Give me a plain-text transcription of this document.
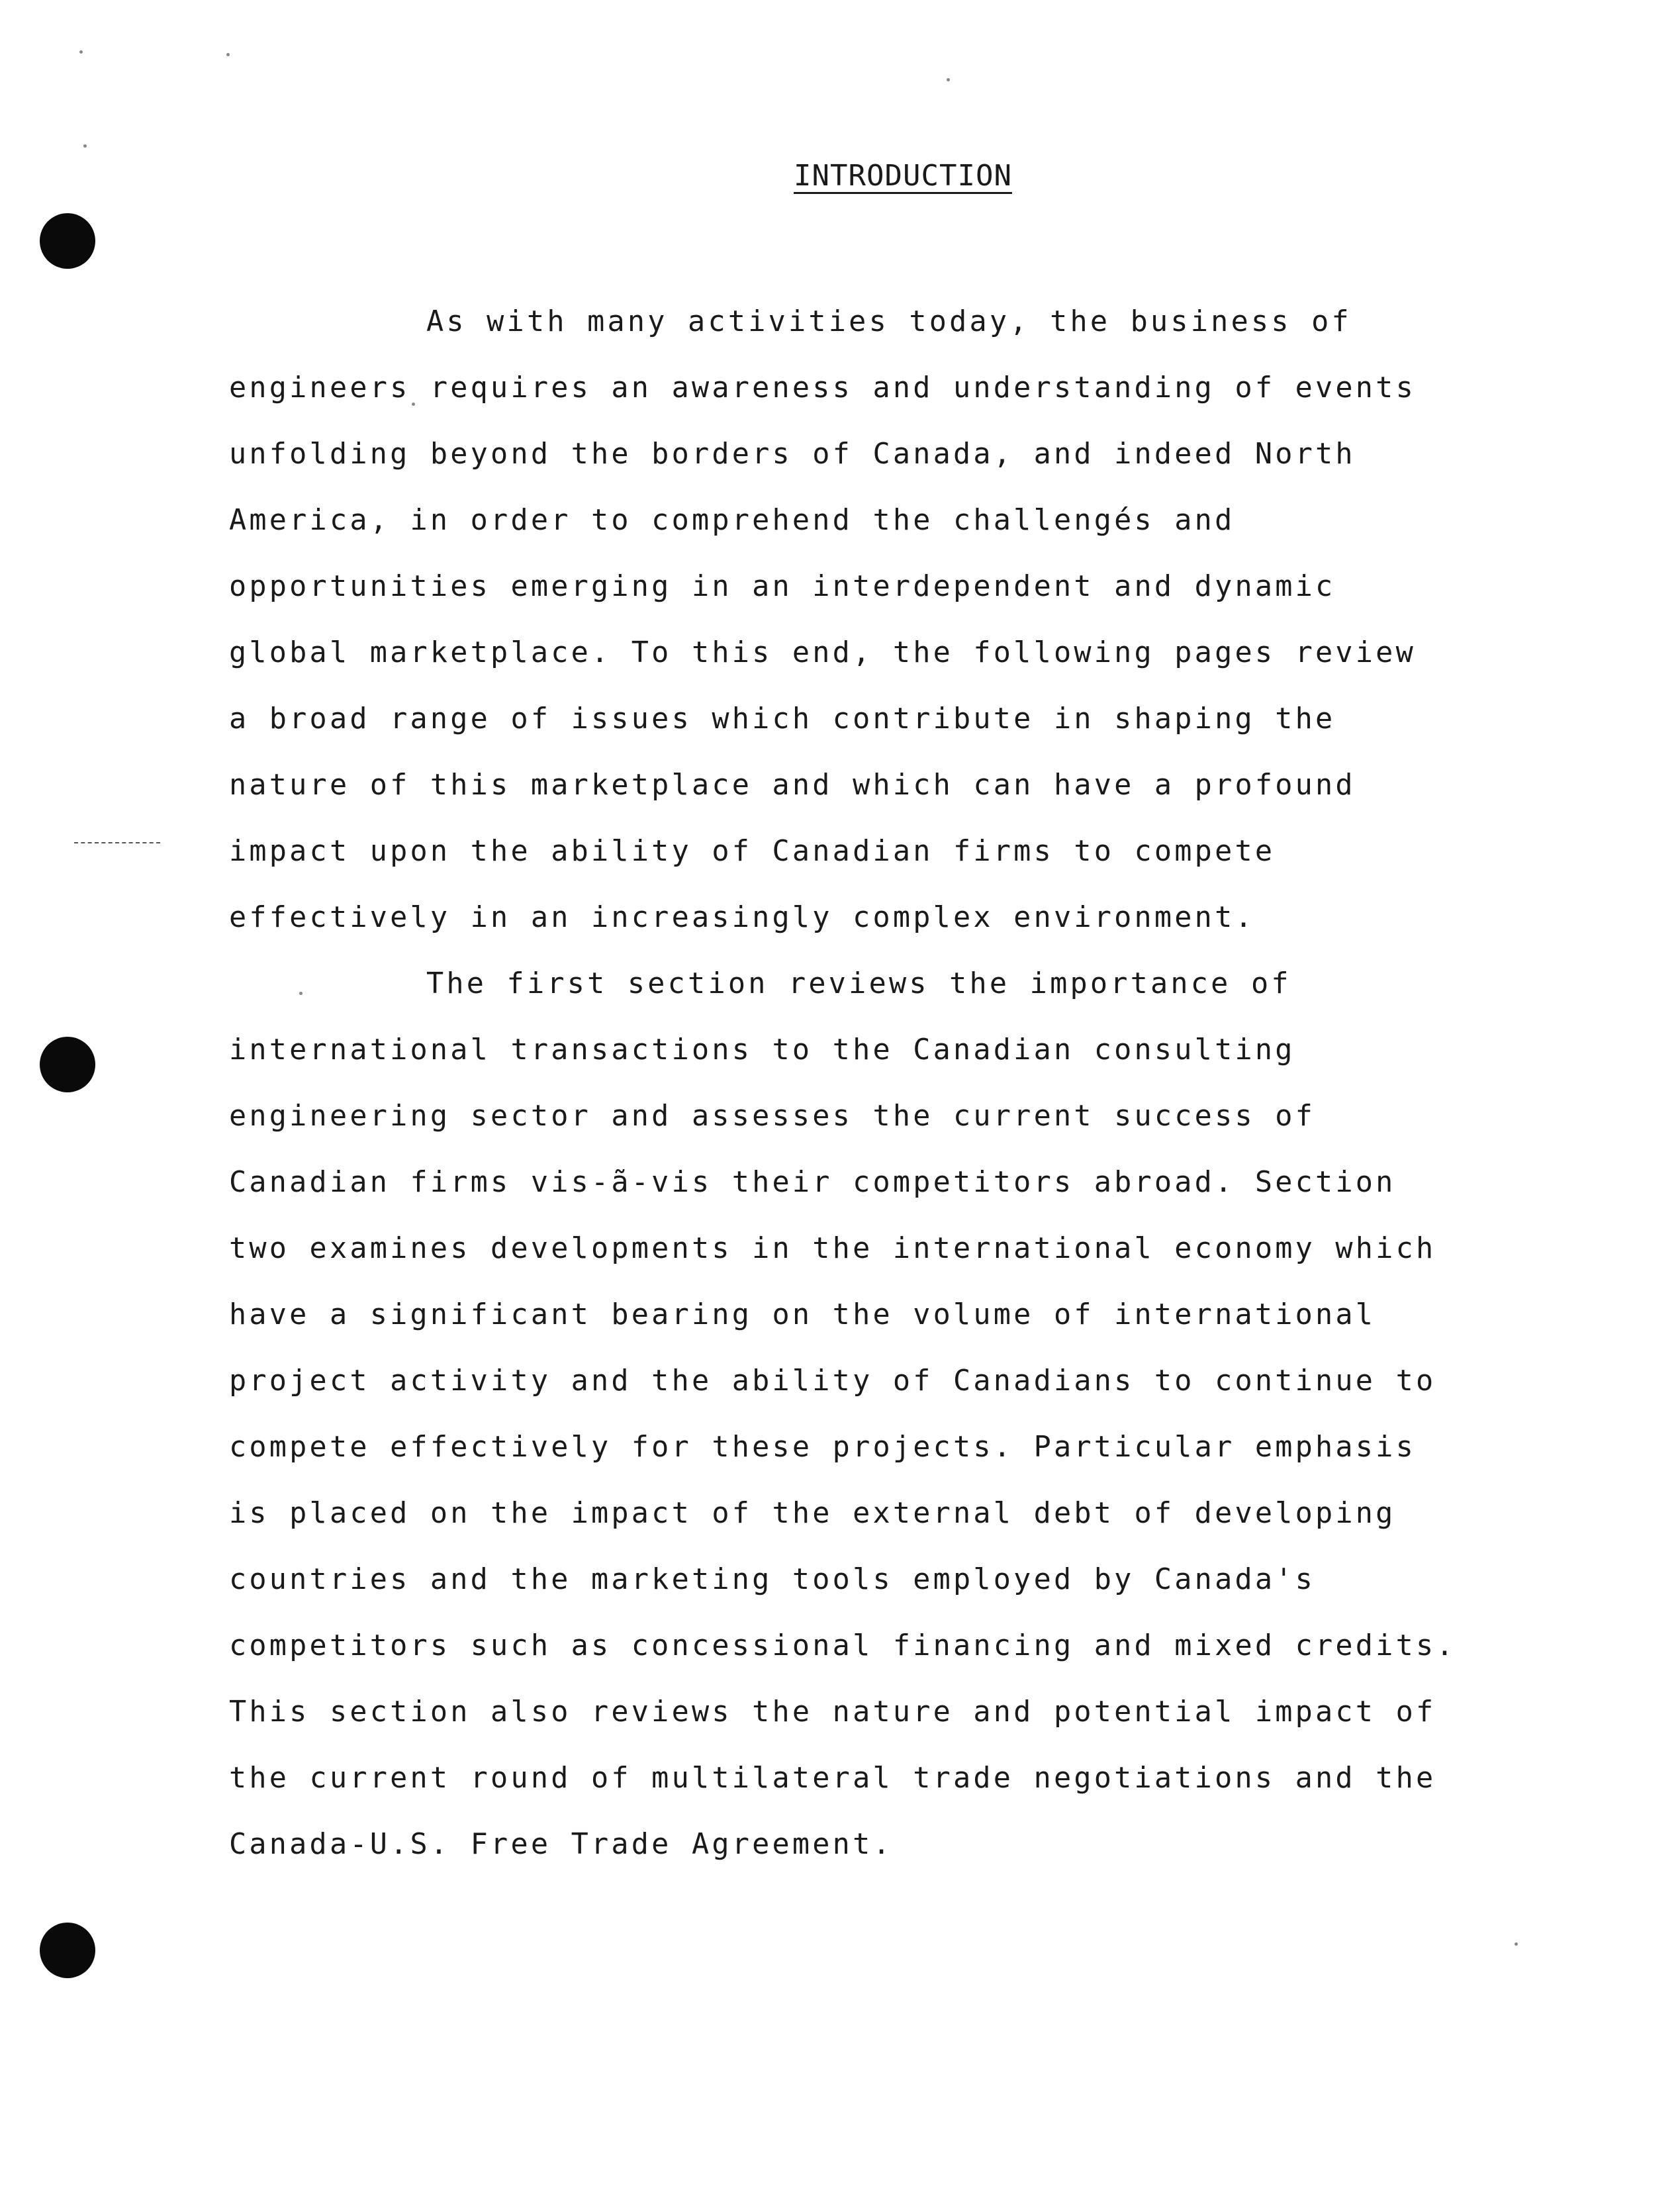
INTRODUCTION
As with many activities today, the business of
engineers requires an awareness and understanding of events
unfolding beyond the borders of Canada, and indeed North
America, in order to comprehend the challengés and
opportunities emerging in an interdependent and dynamic
global marketplace. To this end, the following pages review
a broad range of issues which contribute in shaping the
nature of this marketplace and which can have a profound
impact upon the ability of Canadian firms to compete
effectively in an increasingly complex environment.
The first section reviews the importance of
international transactions to the Canadian consulting
engineering sector and assesses the current success of
Canadian firms vis-ã-vis their competitors abroad. Section
two examines developments in the international economy which
have a significant bearing on the volume of international
project activity and the ability of Canadians to continue to
compete effectively for these projects. Particular emphasis
is placed on the impact of the external debt of developing
countries and the marketing tools employed by Canada's
competitors such as concessional financing and mixed credits.
This section also reviews the nature and potential impact of
the current round of multilateral trade negotiations and the
Canada-U.S. Free Trade Agreement.
